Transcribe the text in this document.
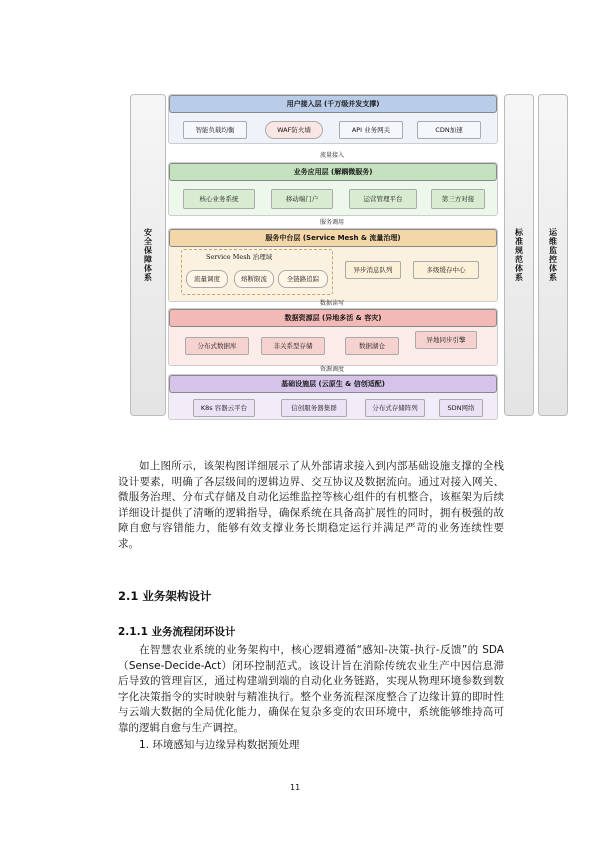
安全保障体系	标准规范体系	运维监控体系
用户接入层 (千万级并发支撑)
智能负载均衡	WAF防火墙	API 业务网关	CDN加速
流量接入
业务应用层 (解耦微服务)
核心业务系统	移动端门户	运营管理平台	第三方对接
服务调用
服务中台层 (Service Mesh & 流量治理)
Service Mesh 治理域
流量调度	熔断限流	全链路追踪
异步消息队列	多级缓存中心
数据读写
数据资源层 (异地多活 & 容灾)
分布式数据库	非关系型存储	数据湖仓
异地同步引擎
资源调度
基础设施层 (云原生 & 信创适配)
K8s 容器云平台	信创服务器集群	分布式存储阵列	SDN网络
如上图所示，该架构图详细展示了从外部请求接入到内部基础设施支撑的全栈设计要素，明确了各层级间的逻辑边界、交互协议及数据流向。通过对接入网关、微服务治理、分布式存储及自动化运维监控等核心组件的有机整合，该框架为后续详细设计提供了清晰的逻辑指导，确保系统在具备高扩展性的同时，拥有极强的故障自愈与容错能力，能够有效支撑业务长期稳定运行并满足严苛的业务连续性要求。
2.1 业务架构设计
2.1.1 业务流程闭环设计
在智慧农业系统的业务架构中，核心逻辑遵循“感知-决策-执行-反馈”的 SDA（Sense-Decide-Act）闭环控制范式。该设计旨在消除传统农业生产中因信息滞后导致的管理盲区，通过构建端到端的自动化业务链路，实现从物理环境参数到数字化决策指令的实时映射与精准执行。整个业务流程深度整合了边缘计算的即时性与云端大数据的全局优化能力，确保在复杂多变的农田环境中，系统能够维持高可靠的逻辑自愈与生产调控。
1. 环境感知与边缘异构数据预处理
11
